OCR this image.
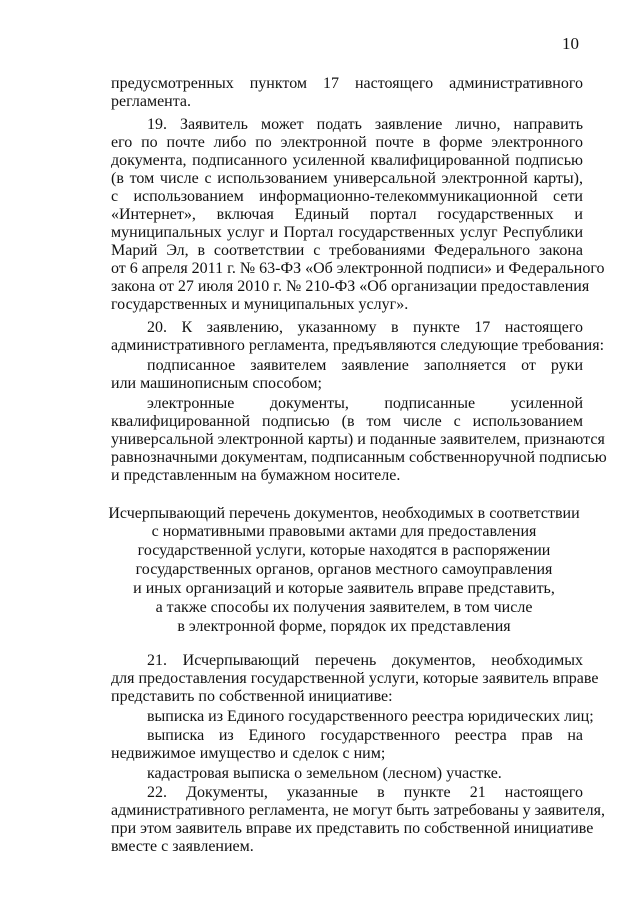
10
предусмотренных пунктом 17 настоящего административного
регламента.
19. Заявитель может подать заявление лично, направить
его по почте либо по электронной почте в форме электронного
документа, подписанного усиленной квалифицированной подписью
(в том числе с использованием универсальной электронной карты),
с использованием информационно-телекоммуникационной сети
«Интернет», включая Единый портал государственных и
муниципальных услуг и Портал государственных услуг Республики
Марий Эл, в соответствии с требованиями Федерального закона
от 6 апреля 2011 г. № 63-ФЗ «Об электронной подписи» и Федерального
закона от 27 июля 2010 г. № 210-ФЗ «Об организации предоставления
государственных и муниципальных услуг».
20. К заявлению, указанному в пункте 17 настоящего
административного регламента, предъявляются следующие требования:
подписанное заявителем заявление заполняется от руки
или машинописным способом;
электронные документы, подписанные усиленной
квалифицированной подписью (в том числе с использованием
универсальной электронной карты) и поданные заявителем, признаются
равнозначными документам, подписанным собственноручной подписью
и представленным на бумажном носителе.
Исчерпывающий перечень документов, необходимых в соответствии
с нормативными правовыми актами для предоставления
государственной услуги, которые находятся в распоряжении
государственных органов, органов местного самоуправления
и иных организаций и которые заявитель вправе представить,
а также способы их получения заявителем, в том числе
в электронной форме, порядок их представления
21. Исчерпывающий перечень документов, необходимых
для предоставления государственной услуги, которые заявитель вправе
представить по собственной инициативе:
выписка из Единого государственного реестра юридических лиц;
выписка из Единого государственного реестра прав на
недвижимое имущество и сделок с ним;
кадастровая выписка о земельном (лесном) участке.
22. Документы, указанные в пункте 21 настоящего
административного регламента, не могут быть затребованы у заявителя,
при этом заявитель вправе их представить по собственной инициативе
вместе с заявлением.
